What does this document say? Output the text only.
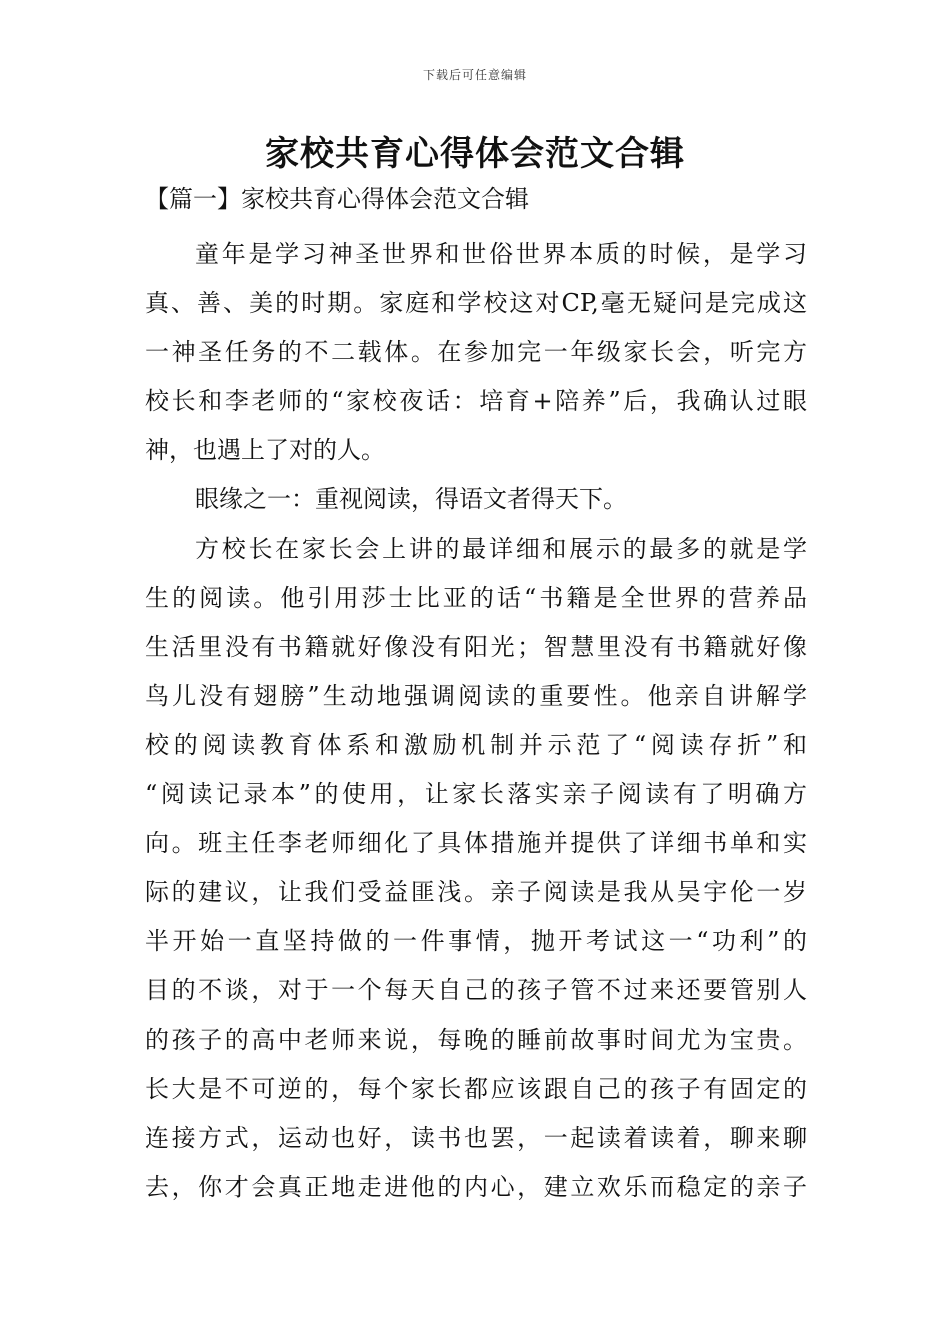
下载后可任意编辑
家校共育心得体会范文合辑
【篇一】家校共育心得体会范文合辑
童年是学习神圣世界和世俗世界本质的时候，是学习
真、善、美的时期。家庭和学校这对CP,毫无疑问是完成这
一神圣任务的不二载体。在参加完一年级家长会，听完方
校长和李老师的“家校夜话：培育+陪养”后，我确认过眼
神，也遇上了对的人。
眼缘之一：重视阅读，得语文者得天下。
方校长在家长会上讲的最详细和展示的最多的就是学
生的阅读。他引用莎士比亚的话“书籍是全世界的营养品
生活里没有书籍就好像没有阳光；智慧里没有书籍就好像
鸟儿没有翅膀”生动地强调阅读的重要性。他亲自讲解学
校的阅读教育体系和激励机制并示范了“阅读存折”和
“阅读记录本”的使用，让家长落实亲子阅读有了明确方
向。班主任李老师细化了具体措施并提供了详细书单和实
际的建议，让我们受益匪浅。亲子阅读是我从吴宇伦一岁
半开始一直坚持做的一件事情，抛开考试这一“功利”的
目的不谈，对于一个每天自己的孩子管不过来还要管别人
的孩子的高中老师来说，每晚的睡前故事时间尤为宝贵。
长大是不可逆的，每个家长都应该跟自己的孩子有固定的
连接方式，运动也好，读书也罢，一起读着读着，聊来聊
去，你才会真正地走进他的内心，建立欢乐而稳定的亲子
